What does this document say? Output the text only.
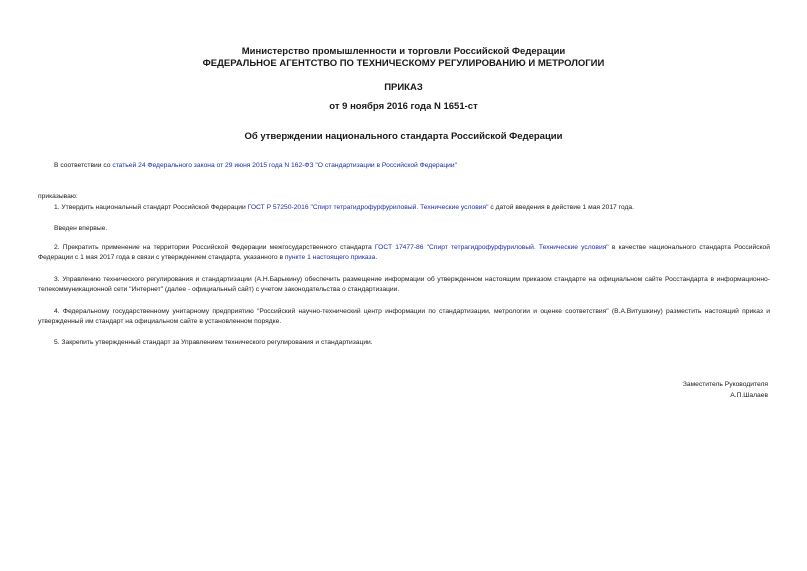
Министерство промышленности и торговли Российской Федерации
ФЕДЕРАЛЬНОЕ АГЕНТСТВО ПО ТЕХНИЧЕСКОМУ РЕГУЛИРОВАНИЮ И МЕТРОЛОГИИ
ПРИКАЗ
от 9 ноября 2016 года N 1651-ст
Об утверждении национального стандарта Российской Федерации
В соответствии со статьей 24 Федерального закона от 29 июня 2015 года N 162-ФЗ "О стандартизации в Российской Федерации"
приказываю:
1. Утвердить национальный стандарт Российской Федерации ГОСТ Р 57250-2016 "Спирт тетрагидрофурфуриловый. Технические условия" с датой введения в действие 1 мая 2017 года.
Введен впервые.
2. Прекратить применение на территории Российской Федерации межгосударственного стандарта ГОСТ 17477-86 "Спирт тетрагидрофурфуриловый. Технические условия" в качестве национального стандарта Российской Федерации с 1 мая 2017 года в связи с утверждением стандарта, указанного в пункте 1 настоящего приказа.
3. Управлению технического регулирования и стандартизации (А.Н.Барыкину) обеспечить размещение информации об утвержденном настоящим приказом стандарте на официальном сайте Росстандарта в информационно-телекоммуникационной сети "Интернет" (далее - официальный сайт) с учетом законодательства о стандартизации.
4. Федеральному государственному унитарному предприятию "Российский научно-технический центр информации по стандартизации, метрологии и оценке соответствия" (В.А.Витушкину) разместить настоящий приказ и утвержденный им стандарт на официальном сайте в установленном порядке.
5. Закрепить утвержденный стандарт за Управлением технического регулирования и стандартизации.
Заместитель Руководителя
А.П.Шалаев
